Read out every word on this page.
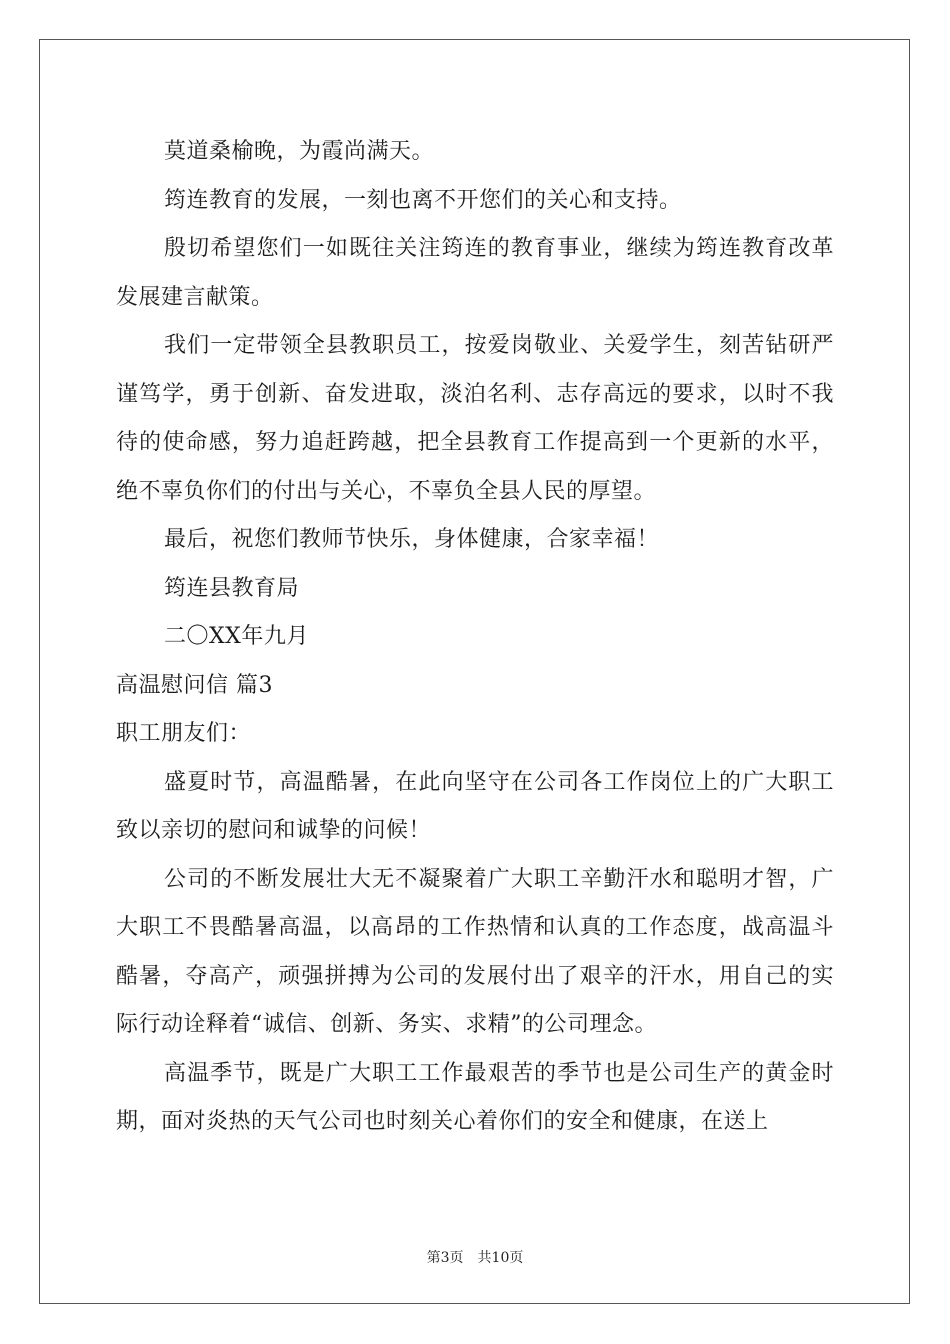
莫道桑榆晚，为霞尚满天。

筠连教育的发展，一刻也离不开您们的关心和支持。

殷切希望您们一如既往关注筠连的教育事业，继续为筠连教育改革发展建言献策。

我们一定带领全县教职员工，按爱岗敬业、关爱学生，刻苦钻研严谨笃学，勇于创新、奋发进取，淡泊名利、志存高远的要求，以时不我待的使命感，努力追赶跨越，把全县教育工作提高到一个更新的水平，绝不辜负你们的付出与关心，不辜负全县人民的厚望。

最后，祝您们教师节快乐，身体健康，合家幸福！

筠连县教育局

二〇XX年九月

高温慰问信 篇3

职工朋友们：

盛夏时节，高温酷暑，在此向坚守在公司各工作岗位上的广大职工致以亲切的慰问和诚挚的问候！

公司的不断发展壮大无不凝聚着广大职工辛勤汗水和聪明才智，广大职工不畏酷暑高温，以高昂的工作热情和认真的工作态度，战高温斗酷暑，夺高产，顽强拼搏为公司的发展付出了艰辛的汗水，用自己的实际行动诠释着“诚信、创新、务实、求精”的公司理念。

高温季节，既是广大职工工作最艰苦的季节也是公司生产的黄金时期，面对炎热的天气公司也时刻关心着你们的安全和健康，在送上

第3页　共10页
